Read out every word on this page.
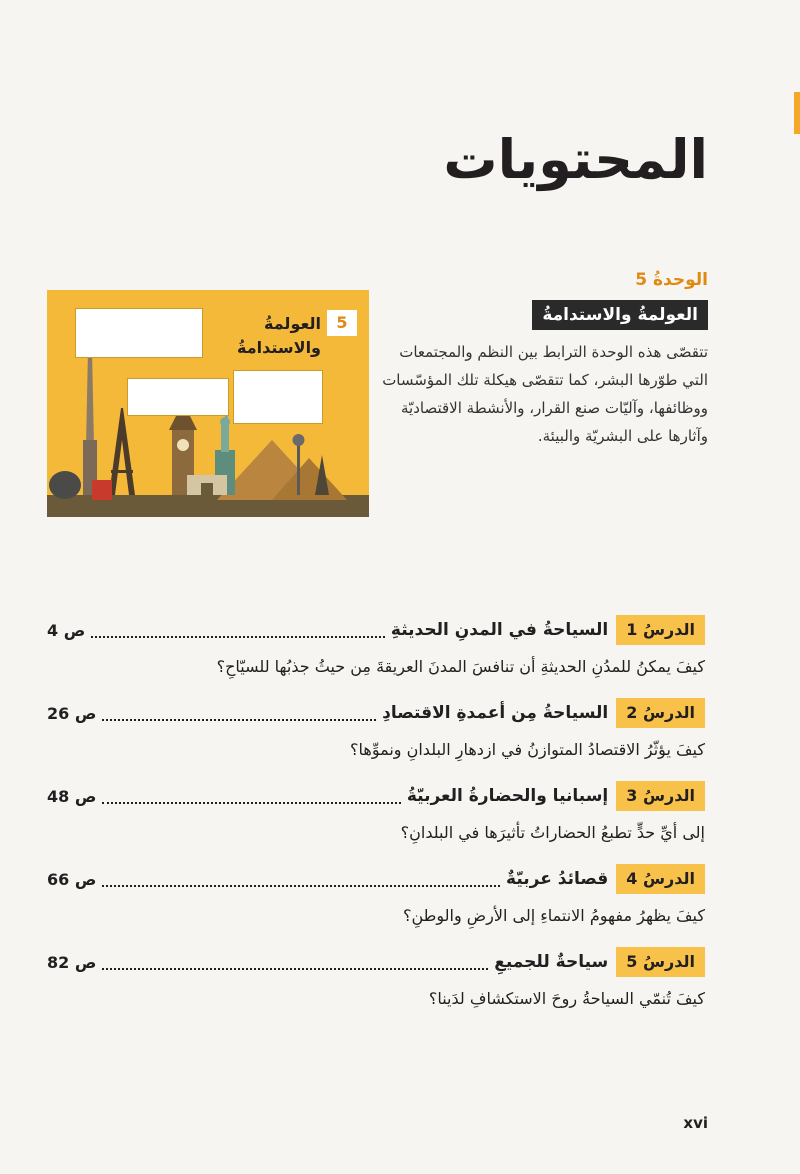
المحتويات
5
العولمةُ والاستدامةُ
الوحدةُ 5
العولمةُ والاستدامةُ
تتقصّى هذه الوحدة الترابط بين النظم والمجتمعات التي طوّرها البشر، كما تتقصّى هيكلة تلك المؤسّسات ووظائفها، وآليّات صنع القرار، والأنشطة الاقتصاديّة وآثارها على البشريّة والبيئة.
الدرسُ 1
السياحةُ في المدنِ الحديثةِ
ص 4
كيفَ يمكنُ للمدُنِ الحديثةِ أن تنافسَ المدنَ العريقةَ مِن حيثُ جذبُها للسيّاحِ؟
الدرسُ 2
السياحةُ مِن أعمدةِ الاقتصادِ
ص 26
كيفَ يؤثّرُ الاقتصادُ المتوازنُ في ازدهارِ البلدانِ ونموِّها؟
الدرسُ 3
إسبانيا والحضارةُ العربيّةُ
ص 48
إلى أيِّ حدٍّ تطبعُ الحضاراتُ تأثيرَها في البلدانِ؟
الدرسُ 4
قصائدُ عربيّةٌ
ص 66
كيفَ يظهرُ مفهومُ الانتماءِ إلى الأرضِ والوطنِ؟
الدرسُ 5
سياحةٌ للجميعِ
ص 82
كيفَ تُنمّي السياحةُ روحَ الاستكشافِ لدَينا؟
xvi
